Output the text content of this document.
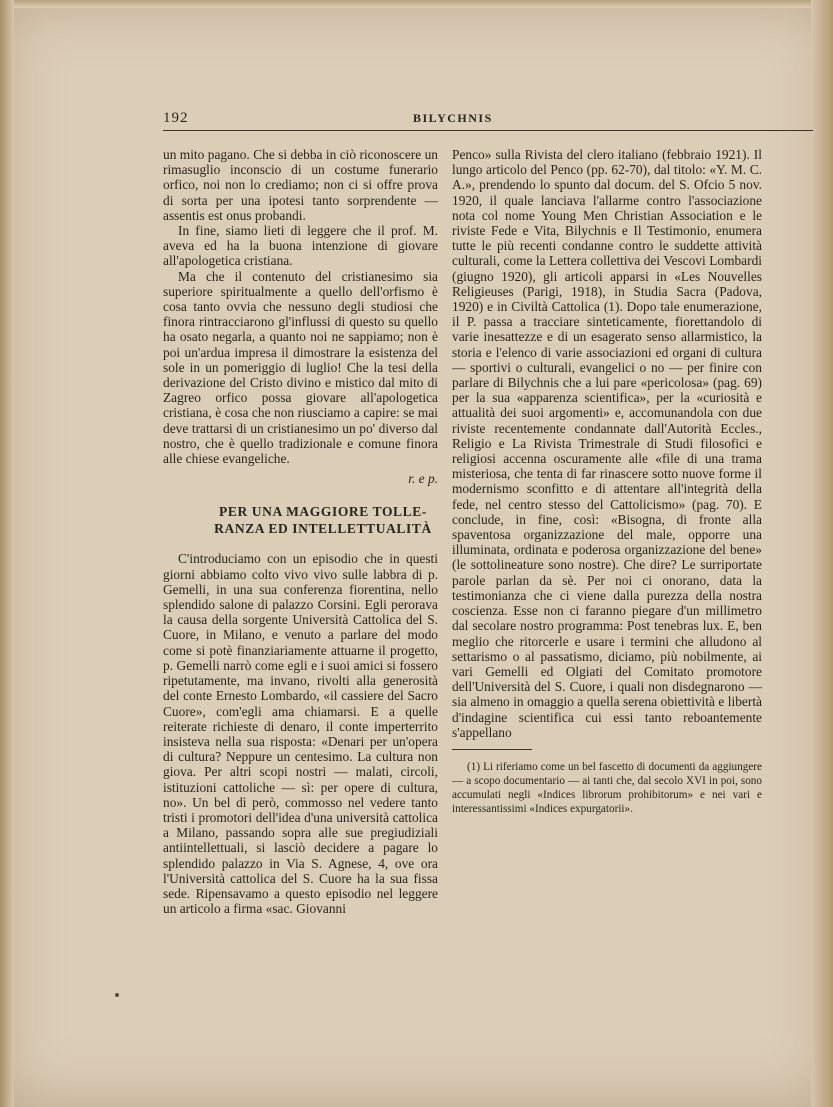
192	BILYCHNIS

un mito pagano. Che si debba in ciò riconoscere un rimasuglio inconscio di un costume funerario orfico, noi non lo crediamo; non ci si offre prova di sorta per una ipotesi tanto sorprendente — assentis est onus probandi.

In fine, siamo lieti di leggere che il prof. M. aveva ed ha la buona intenzione di giovare all'apologetica cristiana.

Ma che il contenuto del cristianesimo sia superiore spiritualmente a quello dell'orfismo è cosa tanto ovvia che nessuno degli studiosi che finora rintracciarono gl'influssi di questo su quello ha osato negarla, a quanto noi ne sappiamo; non è poi un'ardua impresa il dimostrare la esistenza del sole in un pomeriggio di luglio! Che la tesi della derivazione del Cristo divino e mistico dal mito di Zagreo orfico possa giovare all'apologetica cristiana, è cosa che non riusciamo a capire: se mai deve trattarsi di un cristianesimo un po' diverso dal nostro, che è quello tradizionale e comune finora alle chiese evangeliche.

r. e p.
PER UNA MAGGIORE TOLLE-
RANZA ED INTELLETTUALITÀ

C'introduciamo con un episodio che in questi giorni abbiamo colto vivo vivo sulle labbra di p. Gemelli, in una sua conferenza fiorentina, nello splendido salone di palazzo Corsini. Egli perorava la causa della sorgente Università Cattolica del S. Cuore, in Milano, e venuto a parlare del modo come si potè finanziariamente attuarne il progetto, p. Gemelli narrò come egli e i suoi amici si fossero ripetutamente, ma invano, rivolti alla generosità del conte Ernesto Lombardo, «il cassiere del Sacro Cuore», com'egli ama chiamarsi. E a quelle reiterate richieste di denaro, il conte imperterrito insisteva nella sua risposta: «Denari per un'opera di cultura? Neppure un centesimo. La cultura non giova. Per altri scopi nostri — malati, circoli, istituzioni cattoliche — sì: per opere di cultura, no». Un bel dì però, commosso nel vedere tanto tristi i promotori dell'idea d'una università cattolica a Milano, passando sopra alle sue pregiudiziali antiintellettuali, si lasciò decidere a pagare lo splendido palazzo in Via S. Agnese, 4, ove ora l'Università cattolica del S. Cuore ha la sua fissa sede. Ripensavamo a questo episodio nel leggere un articolo a firma «sac. Giovanni

Penco» sulla Rivista del clero italiano (febbraio 1921). Il lungo articolo del Penco (pp. 62-70), dal titolo: «Y. M. C. A.», prendendo lo spunto dal docum. del S. Ofcio 5 nov. 1920, il quale lanciava l'allarme contro l'associazione nota col nome Young Men Christian Association e le riviste Fede e Vita, Bilychnis e Il Testimonio, enumera tutte le più recenti condanne contro le suddette attività culturali, come la Lettera collettiva dei Vescovi Lombardi (giugno 1920), gli articoli apparsi in «Les Nouvelles Religieuses (Parigi, 1918), in Studia Sacra (Padova, 1920) e in Civiltà Cattolica (1). Dopo tale enumerazione, il P. passa a tracciare sinteticamente, fiorettandolo di varie inesattezze e di un esagerato senso allarmistico, la storia e l'elenco di varie associazioni ed organi di cultura — sportivi o culturali, evangelici o no — per finire con parlare di Bilychnis che a lui pare «pericolosa» (pag. 69) per la sua «apparenza scientifica», per la «curiosità e attualità dei suoi argomenti» e, accomunandola con due riviste recentemente condannate dall'Autorità Eccles., Religio e La Rivista Trimestrale di Studi filosofici e religiosi accenna oscuramente alle «file di una trama misteriosa, che tenta di far rinascere sotto nuove forme il modernismo sconfitto e di attentare all'integrità della fede, nel centro stesso del Cattolicismo» (pag. 70). E conclude, in fine, così: «Bisogna, di fronte alla spaventosa organizzazione del male, opporre una illuminata, ordinata e poderosa organizzazione del bene» (le sottolineature sono nostre). Che dire? Le surriportate parole parlan da sè. Per noi ci onorano, data la testimonianza che ci viene dalla purezza della nostra coscienza. Esse non ci faranno piegare d'un millimetro dal secolare nostro programma: Post tenebras lux. E, ben meglio che ritorcerle e usare i termini che alludono al settarismo o al passatismo, diciamo, più nobilmente, ai vari Gemelli ed Olgiati del Comitato promotore dell'Università del S. Cuore, i quali non disdegnarono — sia almeno in omaggio a quella serena obiettività e libertà d'indagine scientifica cui essi tanto reboantemente s'appellano

(1) Li riferiamo come un bel fascetto di documenti da aggiungere — a scopo documentario — ai tanti che, dal secolo XVI in poi, sono accumulati negli «Indices librorum prohibitorum» e nei vari e interessantissimi «Indices expurgatorii».
